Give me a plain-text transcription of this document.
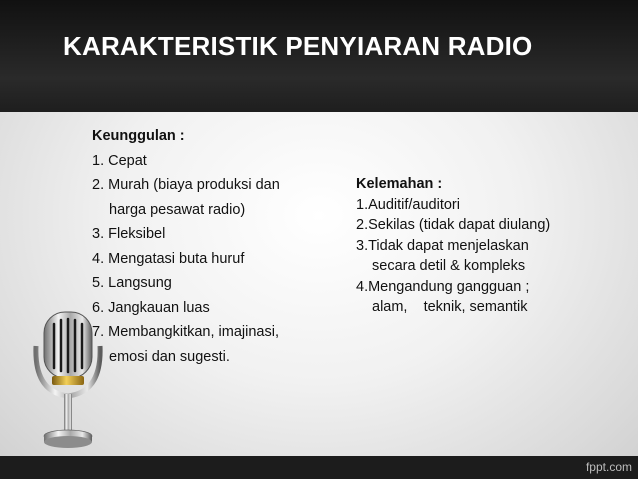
KARAKTERISTIK PENYIARAN RADIO
Keunggulan :
1. Cepat
2. Murah (biaya produksi dan
harga pesawat radio)
3. Fleksibel
4. Mengatasi buta huruf
5. Langsung
6. Jangkauan luas
7. Membangkitkan, imajinasi,
emosi dan sugesti.
Kelemahan :
1.Auditif/auditori
2.Sekilas (tidak dapat diulang)
3.Tidak dapat menjelaskan
secara detil & kompleks
4.Mengandung gangguan ;
alam,    teknik, semantik
fppt.com
